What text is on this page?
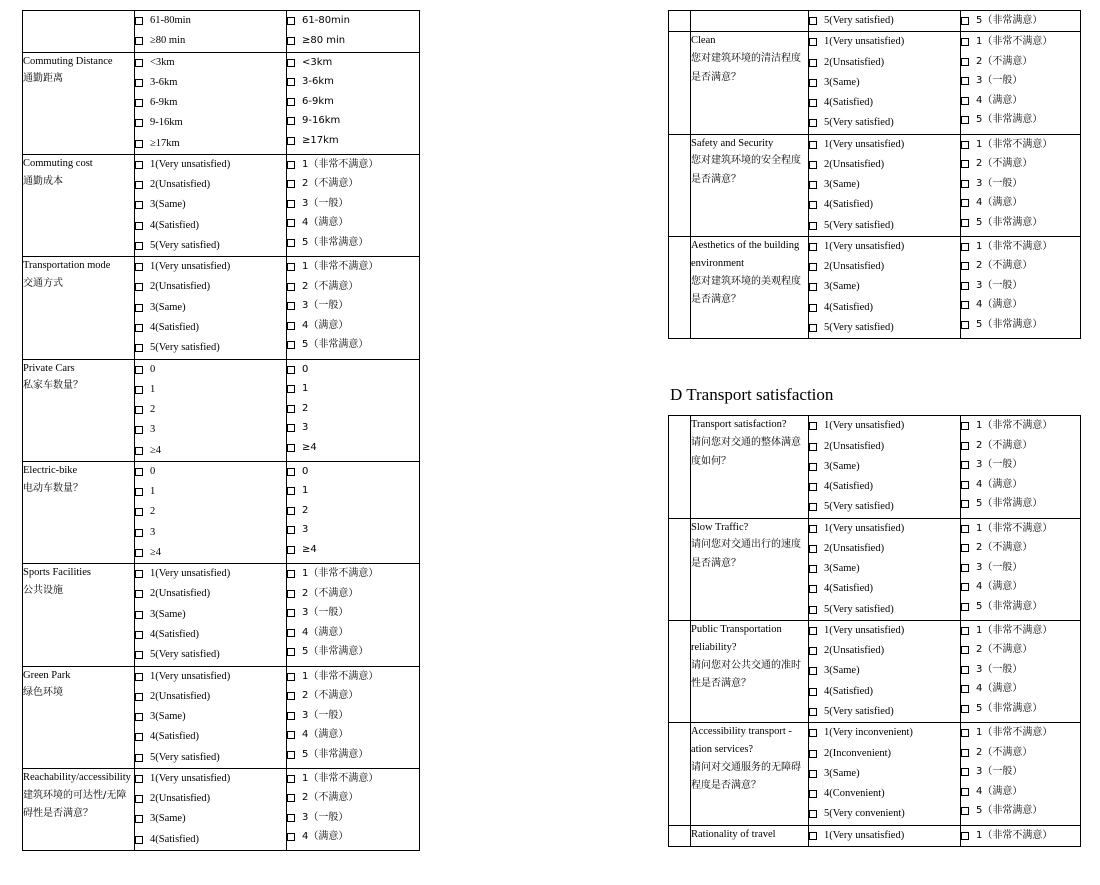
61-80min
≥80 min

61-80min
≥80 min

Commuting Distance
通勤距离

<3km
3-6km
6-9km
9-16km
≥17km

<3km
3-6km
6-9km
9-16km
≥17km

Commuting cost
通勤成本

1(Very unsatisfied)
2(Unsatisfied)
3(Same)
4(Satisfied)
5(Very satisfied)

1（非常不满意）
2（不满意）
3（一般）
4（满意）
5（非常满意）

Transportation mode
交通方式

1(Very unsatisfied)
2(Unsatisfied)
3(Same)
4(Satisfied)
5(Very satisfied)

1（非常不满意）
2（不满意）
3（一般）
4（满意）
5（非常满意）

Private Cars
私家车数量？

0
1
2
3
≥4

0
1
2
3
≥4

Electric-bike
电动车数量？

0
1
2
3
≥4

0
1
2
3
≥4

Sports Facilities
公共设施

1(Very unsatisfied)
2(Unsatisfied)
3(Same)
4(Satisfied)
5(Very satisfied)

1（非常不满意）
2（不满意）
3（一般）
4（满意）
5（非常满意）

Green Park
绿色环境

1(Very unsatisfied)
2(Unsatisfied)
3(Same)
4(Satisfied)
5(Very satisfied)

1（非常不满意）
2（不满意）
3（一般）
4（满意）
5（非常满意）

Reachability/accessibility
建筑环境的可达性/无障碍性是否满意？

1(Very unsatisfied)
2(Unsatisfied)
3(Same)
4(Satisfied)

1（非常不满意）
2（不满意）
3（一般）
4（满意）

		5(Very satisfied)	5（非常满意）

Clean
您对建筑环境的清洁程度是否满意？

1(Very unsatisfied)
2(Unsatisfied)
3(Same)
4(Satisfied)
5(Very satisfied)

1（非常不满意）
2（不满意）
3（一般）
4（满意）
5（非常满意）

Safety and Security
您对建筑环境的安全程度是否满意？

1(Very unsatisfied)
2(Unsatisfied)
3(Same)
4(Satisfied)
5(Very satisfied)

1（非常不满意）
2（不满意）
3（一般）
4（满意）
5（非常满意）

Aesthetics of the building environment
您对建筑环境的美观程度是否满意？

1(Very unsatisfied)
2(Unsatisfied)
3(Same)
4(Satisfied)
5(Very satisfied)

1（非常不满意）
2（不满意）
3（一般）
4（满意）
5（非常满意）
D Transport satisfaction

Transport satisfaction?
请问您对交通的整体满意度如何？

1(Very unsatisfied)
2(Unsatisfied)
3(Same)
4(Satisfied)
5(Very satisfied)

1（非常不满意）
2（不满意）
3（一般）
4（满意）
5（非常满意）

Slow Traffic?
请问您对交通出行的速度是否满意？

1(Very unsatisfied)
2(Unsatisfied)
3(Same)
4(Satisfied)
5(Very satisfied)

1（非常不满意）
2（不满意）
3（一般）
4（满意）
5（非常满意）

Public Transportation reliability?
请问您对公共交通的准时性是否满意？

1(Very unsatisfied)
2(Unsatisfied)
3(Same)
4(Satisfied)
5(Very satisfied)

1（非常不满意）
2（不满意）
3（一般）
4（满意）
5（非常满意）

Accessibility transport -ation services?
请问对交通服务的无障碍程度是否满意？

1(Very inconvenient)
2(Inconvenient)
3(Same)
4(Convenient)
5(Very convenient)

1（非常不满意）
2（不满意）
3（一般）
4（满意）
5（非常满意）

	Rationality of travel	1(Very unsatisfied)	1（非常不满意）
